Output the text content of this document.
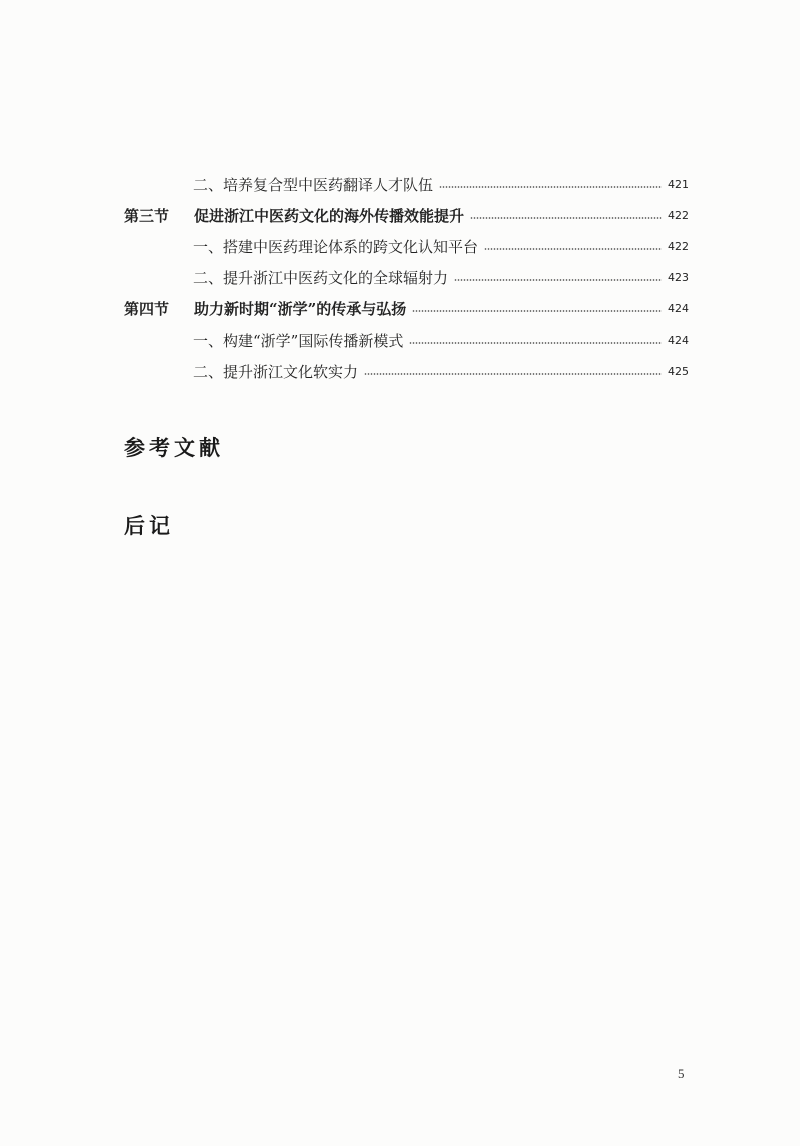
二、培养复合型中医药翻译人才队伍	421
第三节	促进浙江中医药文化的海外传播效能提升	422
一、搭建中医药理论体系的跨文化认知平台	422
二、提升浙江中医药文化的全球辐射力	423
第四节	助力新时期“浙学”的传承与弘扬	424
一、构建“浙学”国际传播新模式	424
二、提升浙江文化软实力	425
参考文献
后记
5
